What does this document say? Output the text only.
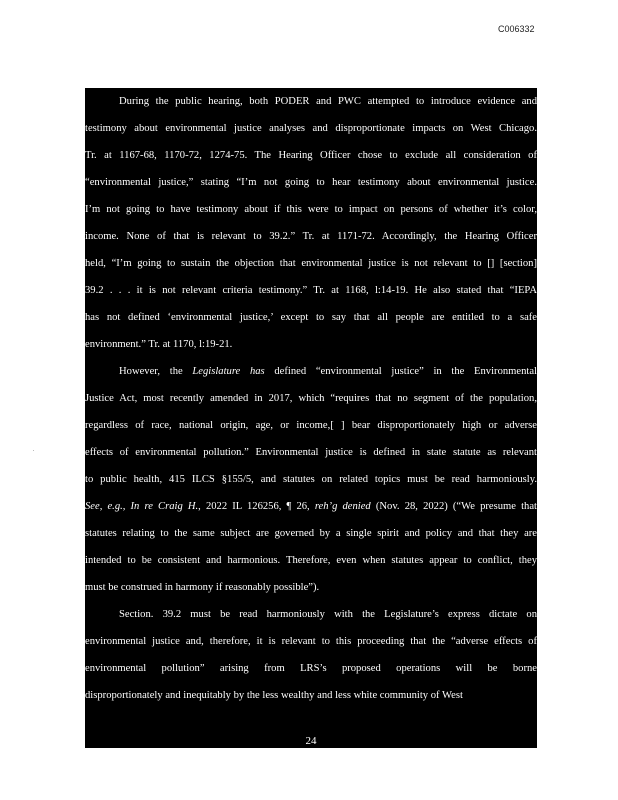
C006332

During the public hearing, both PODER and PWC attempted to introduce evidence and
testimony about environmental justice analyses and disproportionate impacts on West Chicago.
Tr. at 1167-68, 1170-72, 1274-75. The Hearing Officer chose to exclude all consideration of
“environmental justice,” stating “I’m not going to hear testimony about environmental justice.
I’m not going to have testimony about if this were to impact on persons of whether it’s color,
income. None of that is relevant to 39.2.” Tr. at 1171-72. Accordingly, the Hearing Officer
held, “I’m going to sustain the objection that environmental justice is not relevant to [] [section]
39.2 . . . it is not relevant criteria testimony.” Tr. at 1168, l:14-19. He also stated that “IEPA
has not defined ‘environmental justice,’ except to say that all people are entitled to a safe
environment.” Tr. at 1170, l:19-21.

However, the Legislature has defined “environmental justice” in the Environmental
Justice Act, most recently amended in 2017, which “requires that no segment of the population,
regardless of race, national origin, age, or income,[ ] bear disproportionately high or adverse
effects of environmental pollution.” Environmental justice is defined in state statute as relevant
to public health, 415 ILCS §155/5, and statutes on related topics must be read harmoniously.
See, e.g., In re Craig H., 2022 IL 126256, ¶ 26, reh’g denied (Nov. 28, 2022) (“We presume that
statutes relating to the same subject are governed by a single spirit and policy and that they are
intended to be consistent and harmonious. Therefore, even when statutes appear to conflict, they
must be construed in harmony if reasonably possible”).

Section. 39.2 must be read harmoniously with the Legislature’s express dictate on
environmental justice and, therefore, it is relevant to this proceeding that the “adverse effects of
environmental pollution” arising from LRS’s proposed operations will be borne
disproportionately and inequitably by the less wealthy and less white community of West

24
